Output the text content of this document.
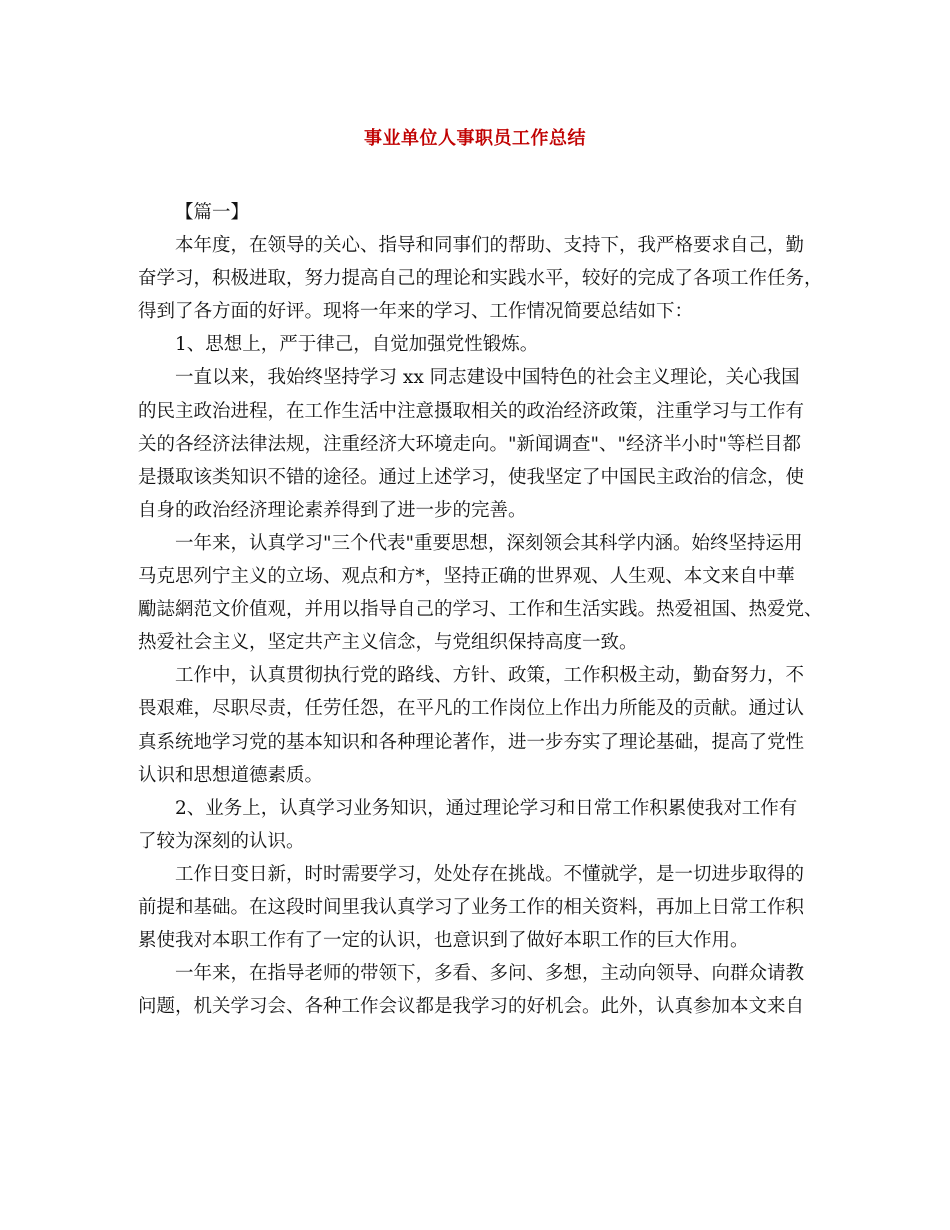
事业单位人事职员工作总结
【篇一】
本年度，在领导的关心、指导和同事们的帮助、支持下，我严格要求自己，勤
奋学习，积极进取，努力提高自己的理论和实践水平，较好的完成了各项工作任务，
得到了各方面的好评。现将一年来的学习、工作情况简要总结如下：
1、思想上，严于律己，自觉加强党性锻炼。
一直以来，我始终坚持学习 xx 同志建设中国特色的社会主义理论，关心我国
的民主政治进程，在工作生活中注意摄取相关的政治经济政策，注重学习与工作有
关的各经济法律法规，注重经济大环境走向。"新闻调查"、"经济半小时"等栏目都
是摄取该类知识不错的途径。通过上述学习，使我坚定了中国民主政治的信念，使
自身的政治经济理论素养得到了进一步的完善。
一年来，认真学习"三个代表"重要思想，深刻领会其科学内涵。始终坚持运用
马克思列宁主义的立场、观点和方*，坚持正确的世界观、人生观、本文来自中華
勵誌網范文价值观，并用以指导自己的学习、工作和生活实践。热爱祖国、热爱党、
热爱社会主义，坚定共产主义信念，与党组织保持高度一致。
工作中，认真贯彻执行党的路线、方针、政策，工作积极主动，勤奋努力，不
畏艰难，尽职尽责，任劳任怨，在平凡的工作岗位上作出力所能及的贡献。通过认
真系统地学习党的基本知识和各种理论著作，进一步夯实了理论基础，提高了党性
认识和思想道德素质。
2、业务上，认真学习业务知识，通过理论学习和日常工作积累使我对工作有
了较为深刻的认识。
工作日变日新，时时需要学习，处处存在挑战。不懂就学，是一切进步取得的
前提和基础。在这段时间里我认真学习了业务工作的相关资料，再加上日常工作积
累使我对本职工作有了一定的认识，也意识到了做好本职工作的巨大作用。
一年来，在指导老师的带领下，多看、多问、多想，主动向领导、向群众请教
问题，机关学习会、各种工作会议都是我学习的好机会。此外，认真参加本文来自
